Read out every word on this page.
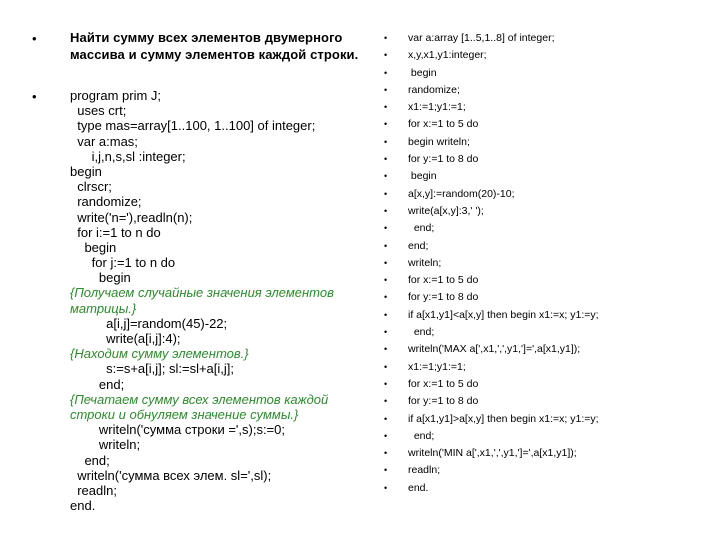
•
•
Найти сумму всех элементов двумерного массива и сумму элементов каждой строки.
program prim J;
uses crt;
type mas=array[1..100, 1..100] of integer;
var a:mas;
i,j,n,s,sl :integer;
begin
clrscr;
randomize;
write('n='),readln(n);
for i:=1 to n do
begin
for j:=1 to n do
begin
{Получаем случайные значения элементов матрицы.}
a[i,j]=random(45)-22;
write(a[i,j]:4);
{Находим сумму элементов.}
s:=s+a[i,j]; sl:=sl+a[i,j];
end;
{Печатаем сумму всех элементов каждой строки и обнуляем значение суммы.}
writeln('сумма строки =',s);s:=0;
writeln;
end;
writeln('сумма всех элем. sl=',sl);
readln;
end.
• var a:array [1..5,1..8] of integer;
• x,y,x1,y1:integer;
• begin
• randomize;
• x1:=1;y1:=1;
• for x:=1 to 5 do
• begin writeln;
• for y:=1 to 8 do
• begin
• a[x,y]:=random(20)-10;
• write(a[x,y]:3,' ');
• end;
• end;
• writeln;
• for x:=1 to 5 do
• for y:=1 to 8 do
• if a[x1,y1]<a[x,y] then begin x1:=x; y1:=y;
• end;
• writeln('MAX a[',x1,',',y1,']=',a[x1,y1]);
• x1:=1;y1:=1;
• for x:=1 to 5 do
• for y:=1 to 8 do
• if a[x1,y1]>a[x,y] then begin x1:=x; y1:=y;
• end;
• writeln('MIN a[',x1,',',y1,']=',a[x1,y1]);
• readln;
• end.
